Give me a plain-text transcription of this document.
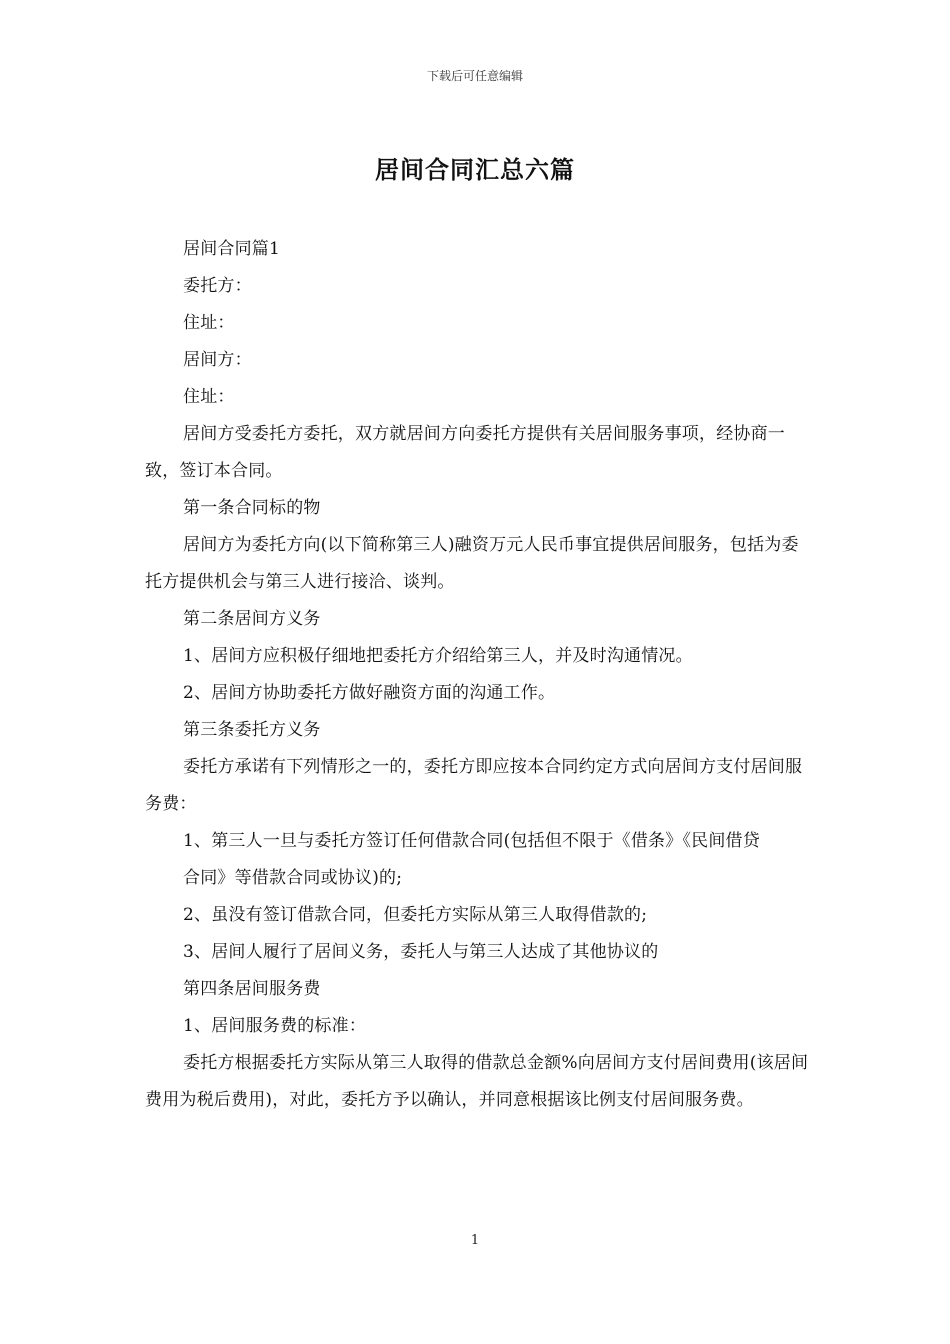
下载后可任意编辑
居间合同汇总六篇

居间合同篇1

委托方：

住址：

居间方：

住址：

居间方受委托方委托，双方就居间方向委托方提供有关居间服务事项，经协商一致，签订本合同。

第一条合同标的物

居间方为委托方向(以下简称第三人)融资万元人民币事宜提供居间服务，包括为委托方提供机会与第三人进行接洽、谈判。

第二条居间方义务

1、居间方应积极仔细地把委托方介绍给第三人，并及时沟通情况。

2、居间方协助委托方做好融资方面的沟通工作。

第三条委托方义务

委托方承诺有下列情形之一的，委托方即应按本合同约定方式向居间方支付居间服务费：

1、第三人一旦与委托方签订任何借款合同(包括但不限于《借条》《民间借贷

合同》等借款合同或协议)的;

2、虽没有签订借款合同，但委托方实际从第三人取得借款的;

3、居间人履行了居间义务，委托人与第三人达成了其他协议的

第四条居间服务费

1、居间服务费的标准：

委托方根据委托方实际从第三人取得的借款总金额%向居间方支付居间费用(该居间费用为税后费用)，对此，委托方予以确认，并同意根据该比例支付居间服务费。

1
